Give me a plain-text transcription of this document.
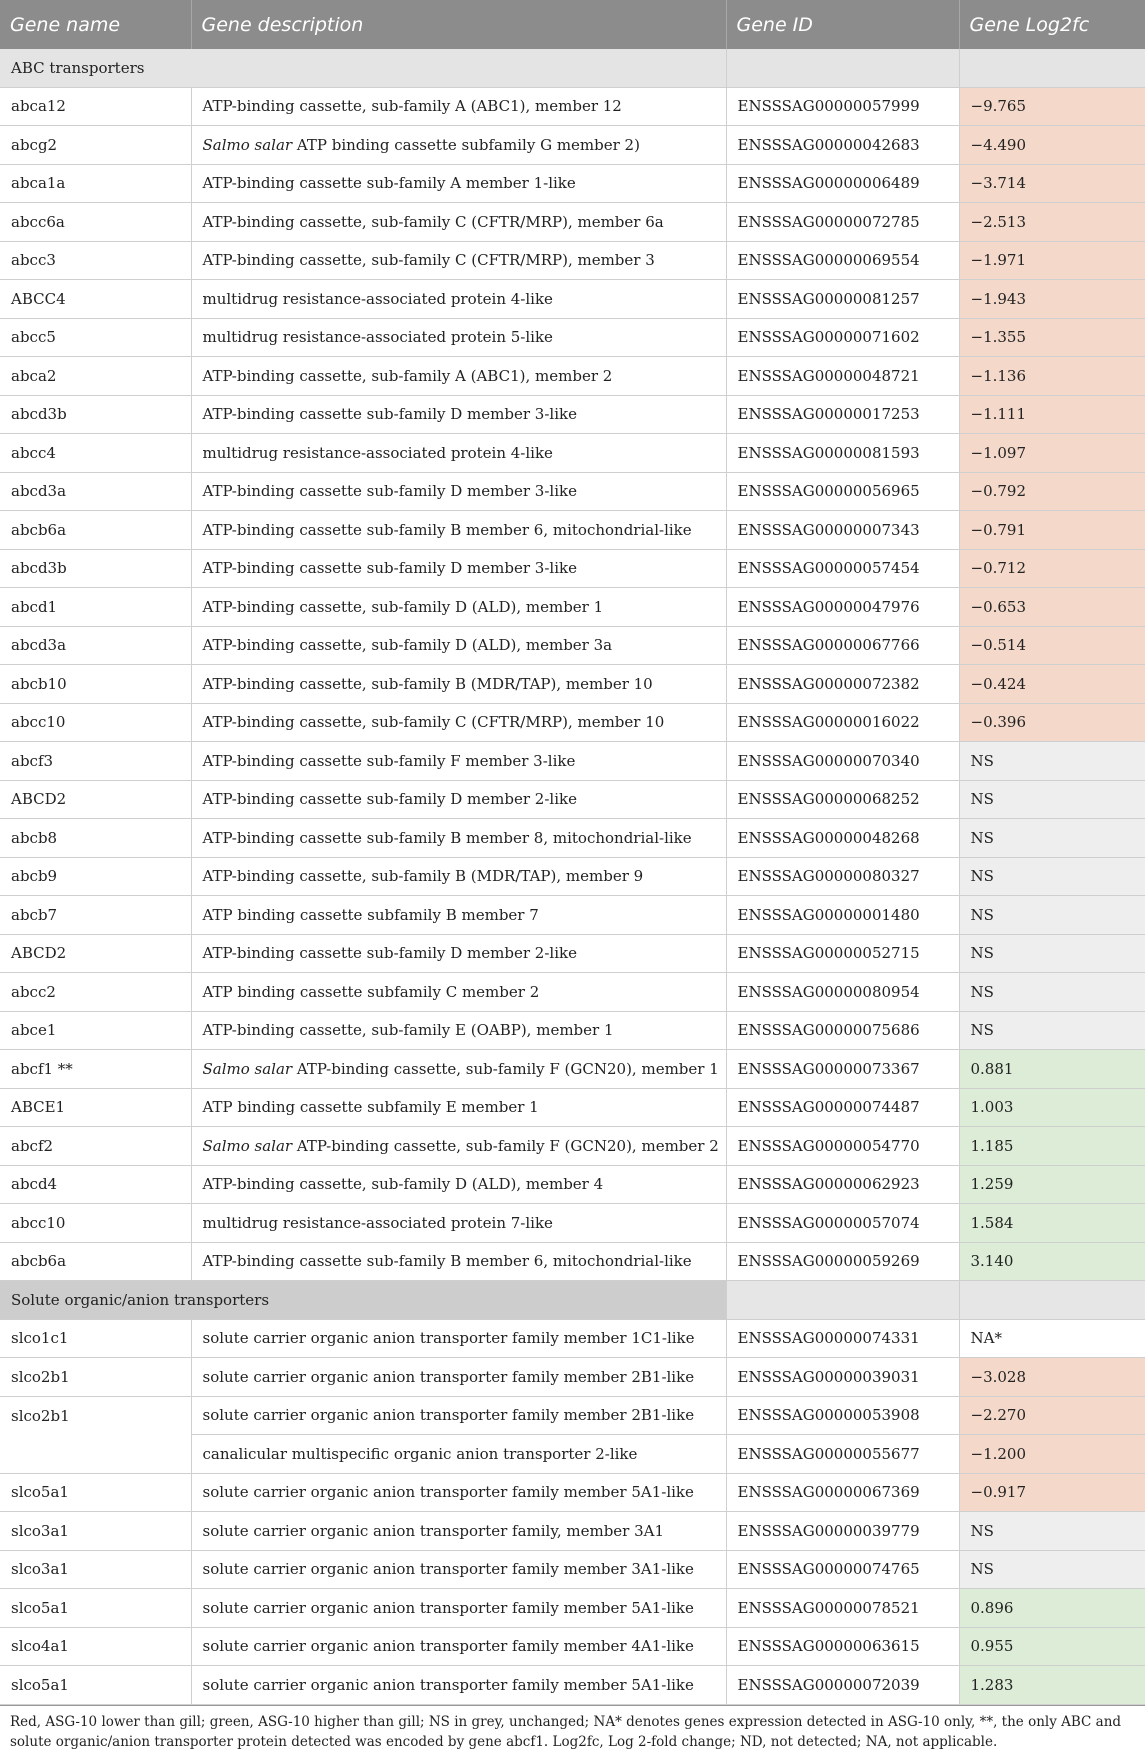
Gene name	Gene description	Gene ID	Gene Log2fc
ABC transporters			
abca12	ATP-binding cassette, sub-family A (ABC1), member 12	ENSSSAG00000057999	−9.765
abcg2	Salmo salar ATP binding cassette subfamily G member 2)	ENSSSAG00000042683	−4.490
abca1a	ATP-binding cassette sub-family A member 1-like	ENSSSAG00000006489	−3.714
abcc6a	ATP-binding cassette, sub-family C (CFTR/MRP), member 6a	ENSSSAG00000072785	−2.513
abcc3	ATP-binding cassette, sub-family C (CFTR/MRP), member 3	ENSSSAG00000069554	−1.971
ABCC4	multidrug resistance-associated protein 4-like	ENSSSAG00000081257	−1.943
abcc5	multidrug resistance-associated protein 5-like	ENSSSAG00000071602	−1.355
abca2	ATP-binding cassette, sub-family A (ABC1), member 2	ENSSSAG00000048721	−1.136
abcd3b	ATP-binding cassette sub-family D member 3-like	ENSSSAG00000017253	−1.111
abcc4	multidrug resistance-associated protein 4-like	ENSSSAG00000081593	−1.097
abcd3a	ATP-binding cassette sub-family D member 3-like	ENSSSAG00000056965	−0.792
abcb6a	ATP-binding cassette sub-family B member 6, mitochondrial-like	ENSSSAG00000007343	−0.791
abcd3b	ATP-binding cassette sub-family D member 3-like	ENSSSAG00000057454	−0.712
abcd1	ATP-binding cassette, sub-family D (ALD), member 1	ENSSSAG00000047976	−0.653
abcd3a	ATP-binding cassette, sub-family D (ALD), member 3a	ENSSSAG00000067766	−0.514
abcb10	ATP-binding cassette, sub-family B (MDR/TAP), member 10	ENSSSAG00000072382	−0.424
abcc10	ATP-binding cassette, sub-family C (CFTR/MRP), member 10	ENSSSAG00000016022	−0.396
abcf3	ATP-binding cassette sub-family F member 3-like	ENSSSAG00000070340	NS
ABCD2	ATP-binding cassette sub-family D member 2-like	ENSSSAG00000068252	NS
abcb8	ATP-binding cassette sub-family B member 8, mitochondrial-like	ENSSSAG00000048268	NS
abcb9	ATP-binding cassette, sub-family B (MDR/TAP), member 9	ENSSSAG00000080327	NS
abcb7	ATP binding cassette subfamily B member 7	ENSSSAG00000001480	NS
ABCD2	ATP-binding cassette sub-family D member 2-like	ENSSSAG00000052715	NS
abcc2	ATP binding cassette subfamily C member 2	ENSSSAG00000080954	NS
abce1	ATP-binding cassette, sub-family E (OABP), member 1	ENSSSAG00000075686	NS
abcf1 **	Salmo salar ATP-binding cassette, sub-family F (GCN20), member 1	ENSSSAG00000073367	0.881
ABCE1	ATP binding cassette subfamily E member 1	ENSSSAG00000074487	1.003
abcf2	Salmo salar ATP-binding cassette, sub-family F (GCN20), member 2	ENSSSAG00000054770	1.185
abcd4	ATP-binding cassette, sub-family D (ALD), member 4	ENSSSAG00000062923	1.259
abcc10	multidrug resistance-associated protein 7-like	ENSSSAG00000057074	1.584
abcb6a	ATP-binding cassette sub-family B member 6, mitochondrial-like	ENSSSAG00000059269	3.140
Solute organic/anion transporters			
slco1c1	solute carrier organic anion transporter family member 1C1-like	ENSSSAG00000074331	NA*
slco2b1	solute carrier organic anion transporter family member 2B1-like	ENSSSAG00000039031	−3.028
slco2b1	solute carrier organic anion transporter family member 2B1-like	ENSSSAG00000053908	−2.270
	canalicular multispecific organic anion transporter 2-like	ENSSSAG00000055677	−1.200
slco5a1	solute carrier organic anion transporter family member 5A1-like	ENSSSAG00000067369	−0.917
slco3a1	solute carrier organic anion transporter family, member 3A1	ENSSSAG00000039779	NS
slco3a1	solute carrier organic anion transporter family member 3A1-like	ENSSSAG00000074765	NS
slco5a1	solute carrier organic anion transporter family member 5A1-like	ENSSSAG00000078521	0.896
slco4a1	solute carrier organic anion transporter family member 4A1-like	ENSSSAG00000063615	0.955
slco5a1	solute carrier organic anion transporter family member 5A1-like	ENSSSAG00000072039	1.283
Red, ASG-10 lower than gill; green, ASG-10 higher than gill; NS in grey, unchanged; NA* denotes genes expression detected in ASG-10 only, **, the only ABC and solute organic/anion transporter protein detected was encoded by gene abcf1. Log2fc, Log 2-fold change; ND, not detected; NA, not applicable.
